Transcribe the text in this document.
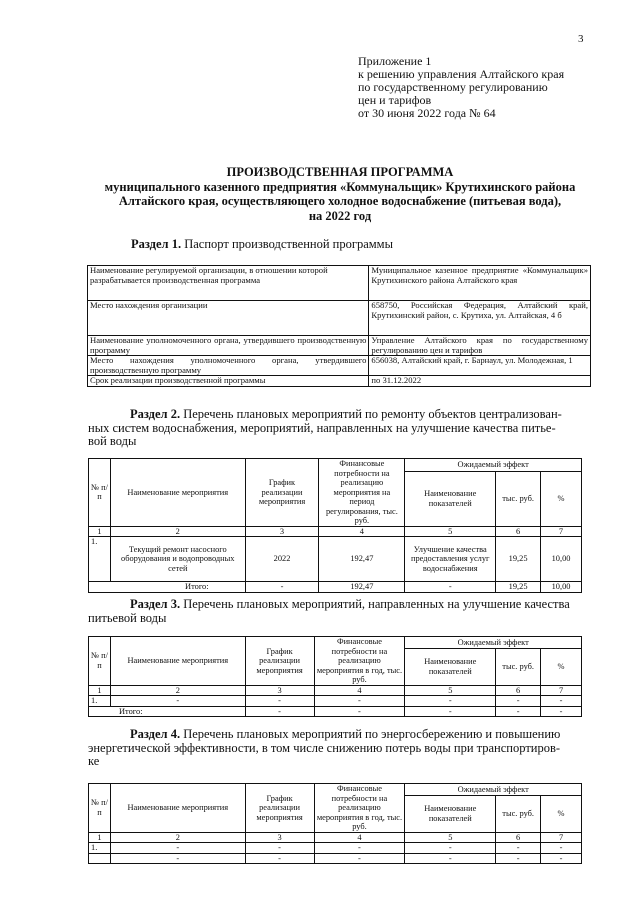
3
Приложение 1
к решению управления Алтайского края
по государственному регулированию
цен и тарифов
от 30 июня 2022 года № 64
ПРОИЗВОДСТВЕННАЯ ПРОГРАММА
муниципального казенного предприятия «Коммунальщик» Крутихинского района
Алтайского края, осуществляющего холодное водоснабжение (питьевая вода),
на 2022 год
Раздел 1. Паспорт производственной программы
Наименование регулируемой организации, в отношении которой разрабатывается производственная программа	Муниципальное казенное предприятие «Коммунальщик» Крутихинского района Алтайского края
Место нахождения организации	658750, Российская Федерация, Алтайский край, Крутихинский район, с. Крутиха, ул. Алтайская, 4 б
Наименование уполномоченного органа, утвердившего производственную программу	Управление Алтайского края по государственному регулированию цен и тарифов
Место нахождения уполномоченного органа, утвердившего производственную программу	656038, Алтайский край, г. Барнаул, ул. Молодежная, 1
Срок реализации производственной программы	по 31.12.2022
Раздел 2. Перечень плановых мероприятий по ремонту объектов централизован-
ных систем водоснабжения, мероприятий, направленных на улучшение качества питье-
вой воды
№ п/п	Наименование мероприятия	График реализации мероприятия	Финансовые потребности на реализацию мероприятия на период регулирования, тыс. руб.	Ожидаемый эффект		
				Наименование показателей	тыс. руб.	%
1	2	3	4	5	6	7
1.	Текущий ремонт насосного оборудования и водопроводных сетей	2022	192,47	Улучшение качества предоставления услуг водоснабжения	19,25	10,00
Итого:		-	192,47	-	19,25	10,00
Раздел 3. Перечень плановых мероприятий, направленных на улучшение качества
питьевой воды
№ п/п	Наименование мероприятия	График реализации мероприятия	Финансовые потребности на реализацию мероприятия в год, тыс. руб.	Ожидаемый эффект		
				Наименование показателей	тыс. руб.	%
1	2	3	4	5	6	7
1.	-	-	-	-	-	-
Итого:		-	-	-	-	-
Раздел 4. Перечень плановых мероприятий по энергосбережению и повышению
энергетической эффективности, в том числе снижению потерь воды при транспортиров-
ке
№ п/п	Наименование мероприятия	График реализации мероприятия	Финансовые потребности на реализацию мероприятия в год, тыс. руб.	Ожидаемый эффект		
				Наименование показателей	тыс. руб.	%
1	2	3	4	5	6	7
1.	-	-	-	-	-	-
	-	-	-	-	-	-
